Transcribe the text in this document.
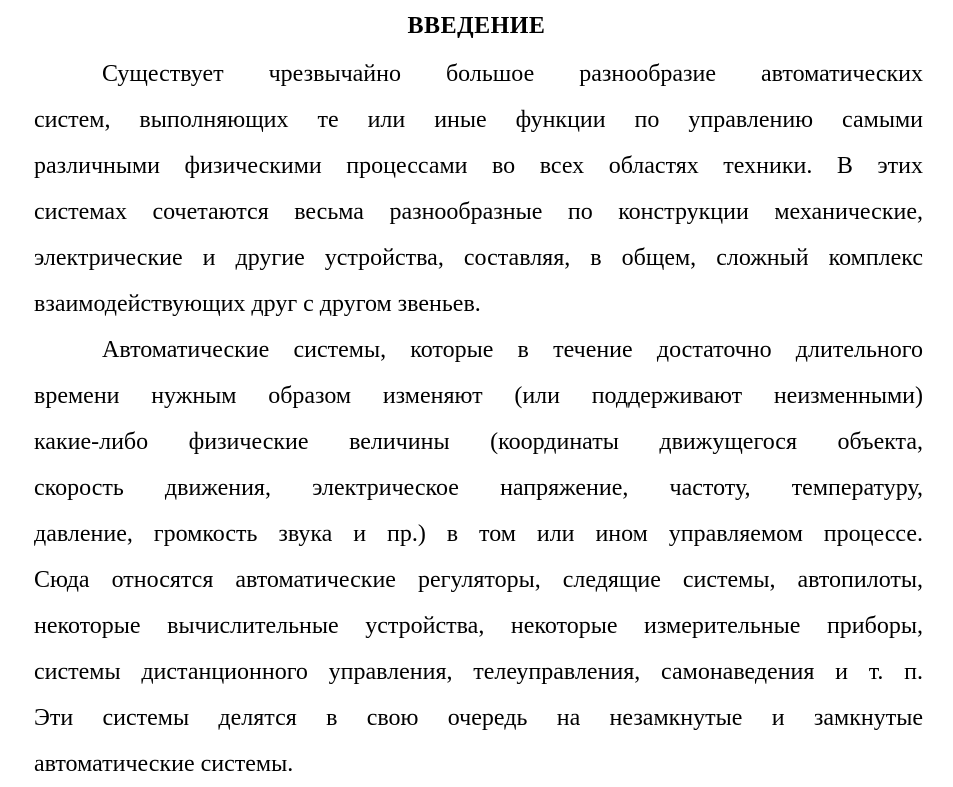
ВВЕДЕНИЕ
Существует чрезвычайно большое разнообразие автоматических
систем, выполняющих те или иные функции по управлению самыми
различными физическими процессами во всех областях техники. В этих
системах сочетаются весьма разнообразные по конструкции механические,
электрические и другие устройства, составляя, в общем, сложный комплекс
взаимодействующих друг с другом звеньев.
Автоматические системы, которые в течение достаточно длительного
времени нужным образом изменяют (или поддерживают неизменными)
какие-либо физические величины (координаты движущегося объекта,
скорость движения, электрическое напряжение, частоту, температуру,
давление, громкость звука и пр.) в том или ином управляемом процессе.
Сюда относятся автоматические регуляторы, следящие системы, автопилоты,
некоторые вычислительные устройства, некоторые измерительные приборы,
системы дистанционного управления, телеуправления, самонаведения и т. п.
Эти системы делятся в свою очередь на незамкнутые и замкнутые
автоматические системы.
